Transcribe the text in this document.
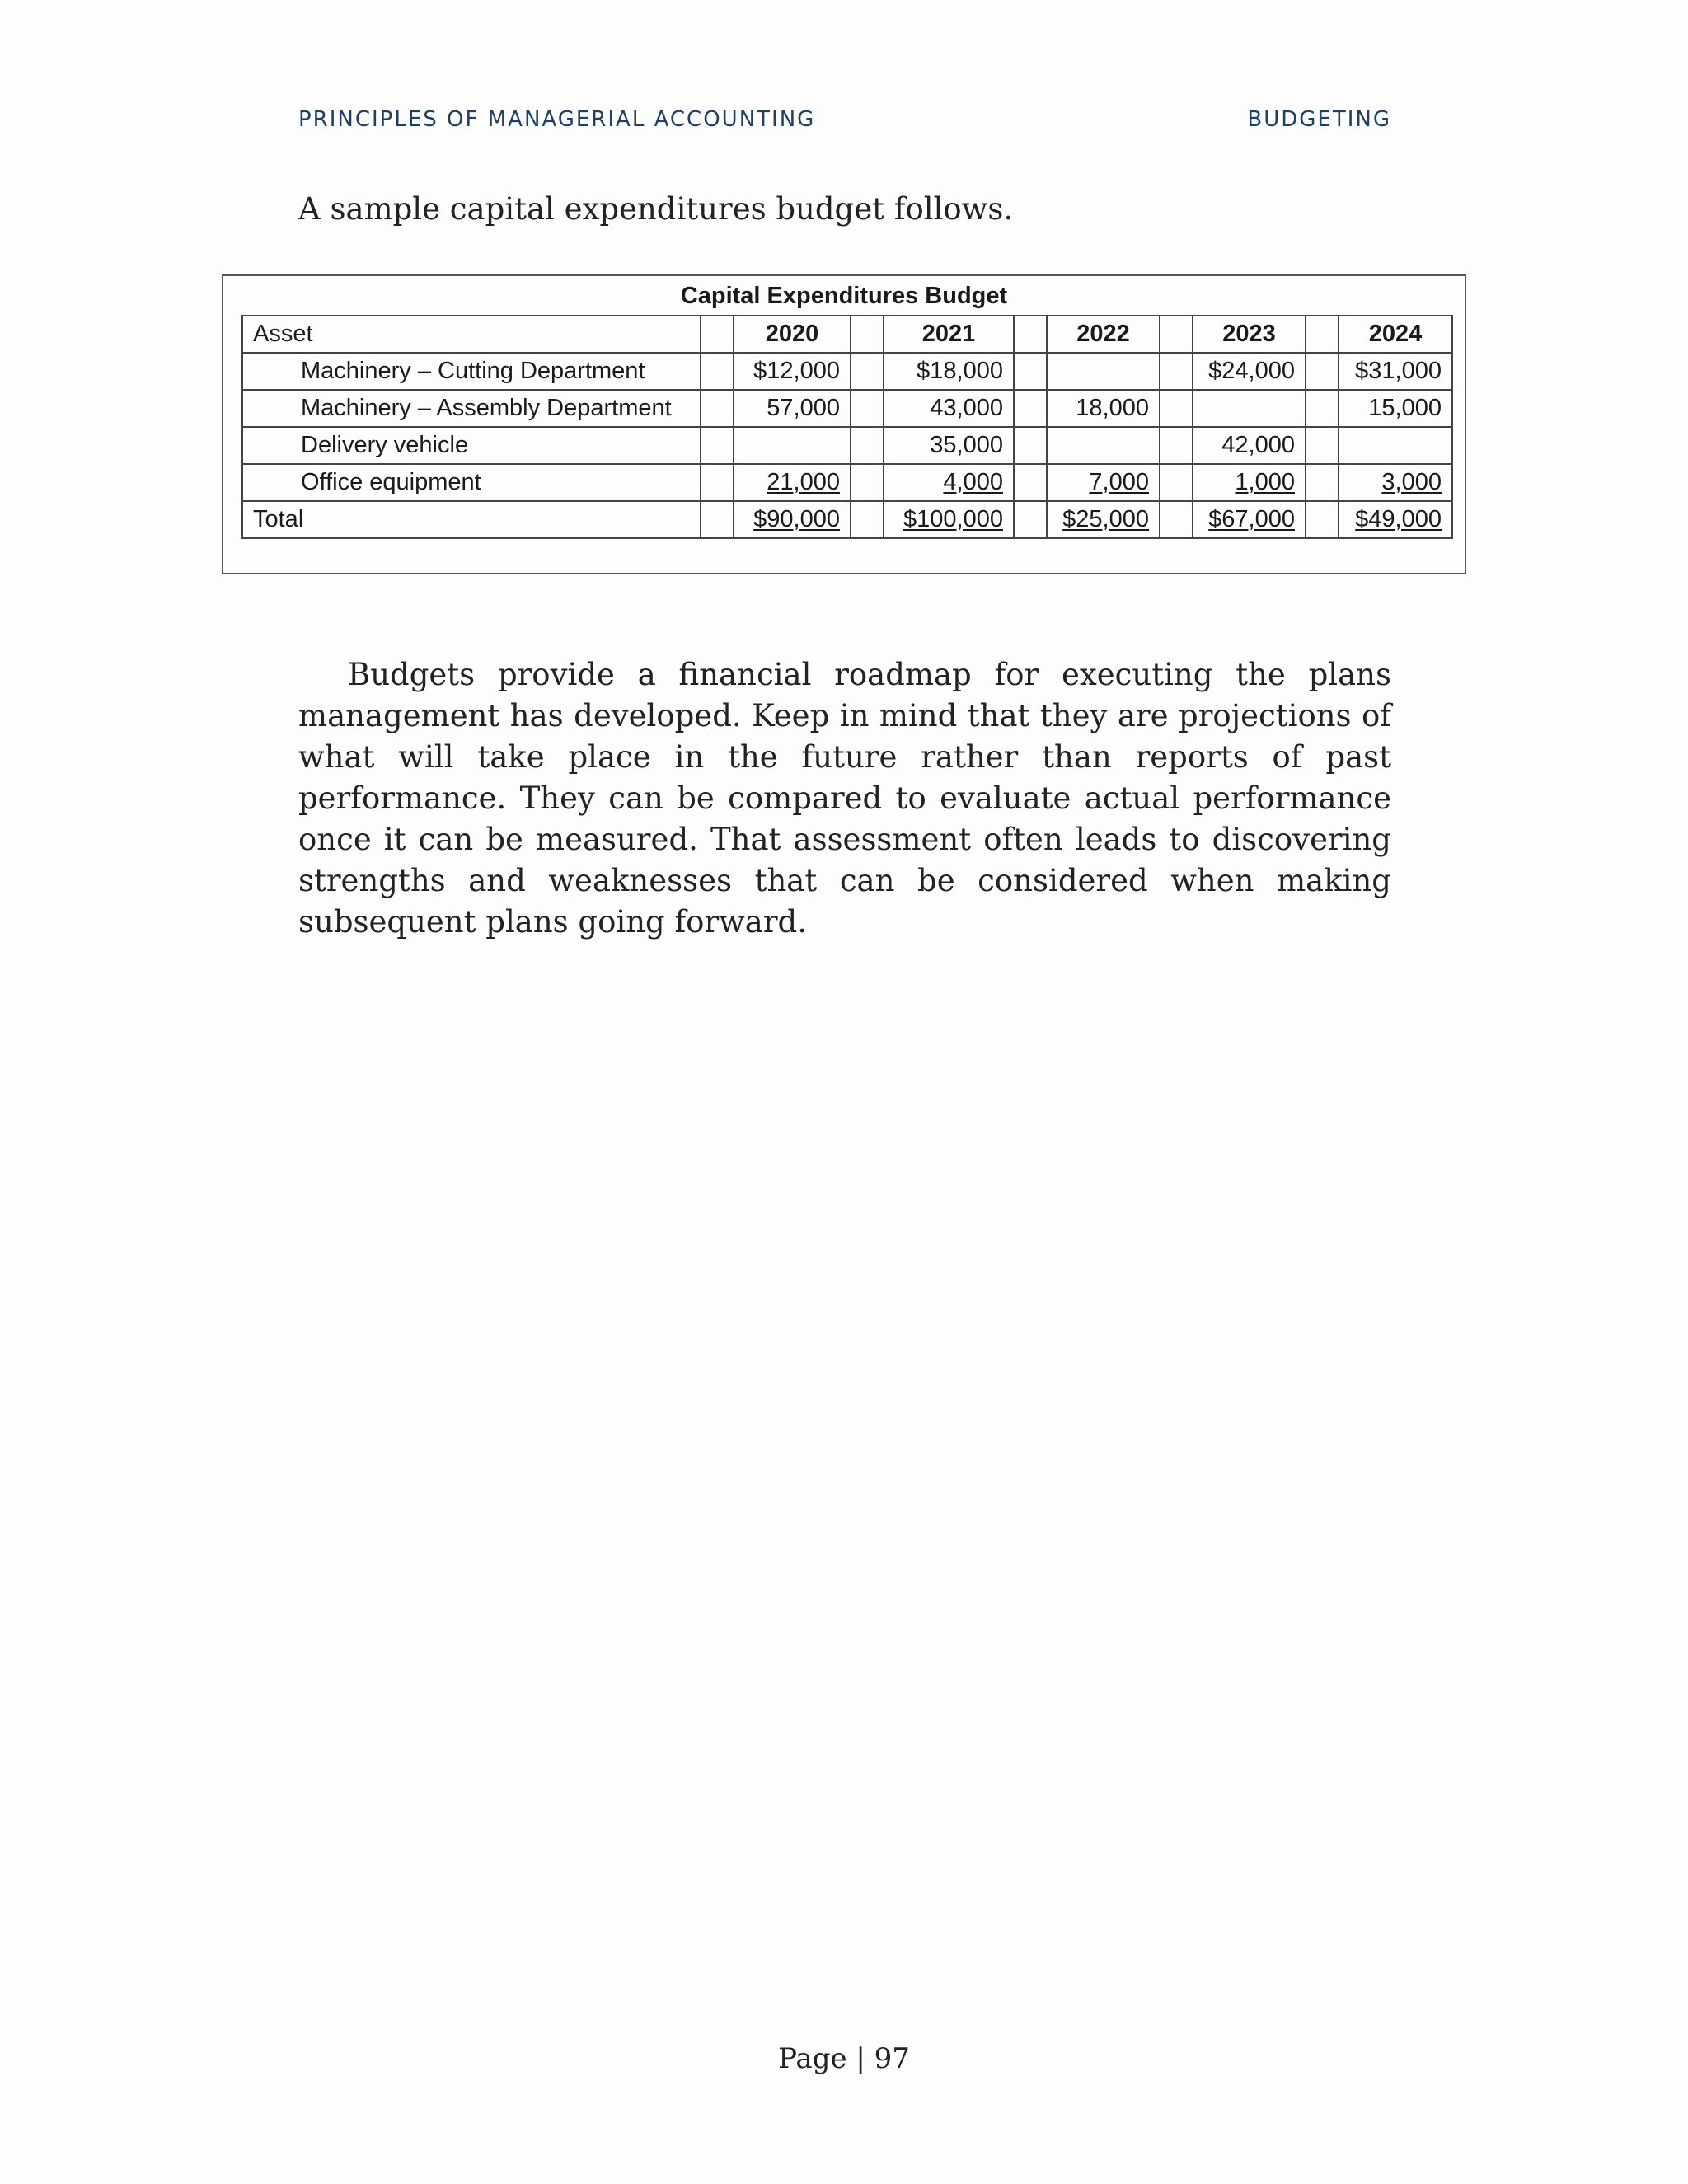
PRINCIPLES OF MANAGERIAL ACCOUNTING	BUDGETING
A sample capital expenditures budget follows.
Capital Expenditures Budget
Asset		2020		2021		2022		2023		2024
Machinery – Cutting Department		$12,000		$18,000				$24,000		$31,000
Machinery – Assembly Department		57,000		43,000		18,000				15,000
Delivery vehicle				35,000				42,000		
Office equipment		21,000		4,000		7,000		1,000		3,000
Total		$90,000		$100,000		$25,000		$67,000		$49,000

Budgets provide a financial roadmap for executing the plans management has developed. Keep in mind that they are projections of what will take place in the future rather than reports of past performance. They can be compared to evaluate actual performance once it can be measured. That assessment often leads to discovering strengths and weaknesses that can be considered when making subsequent plans going forward.

Page | 97
